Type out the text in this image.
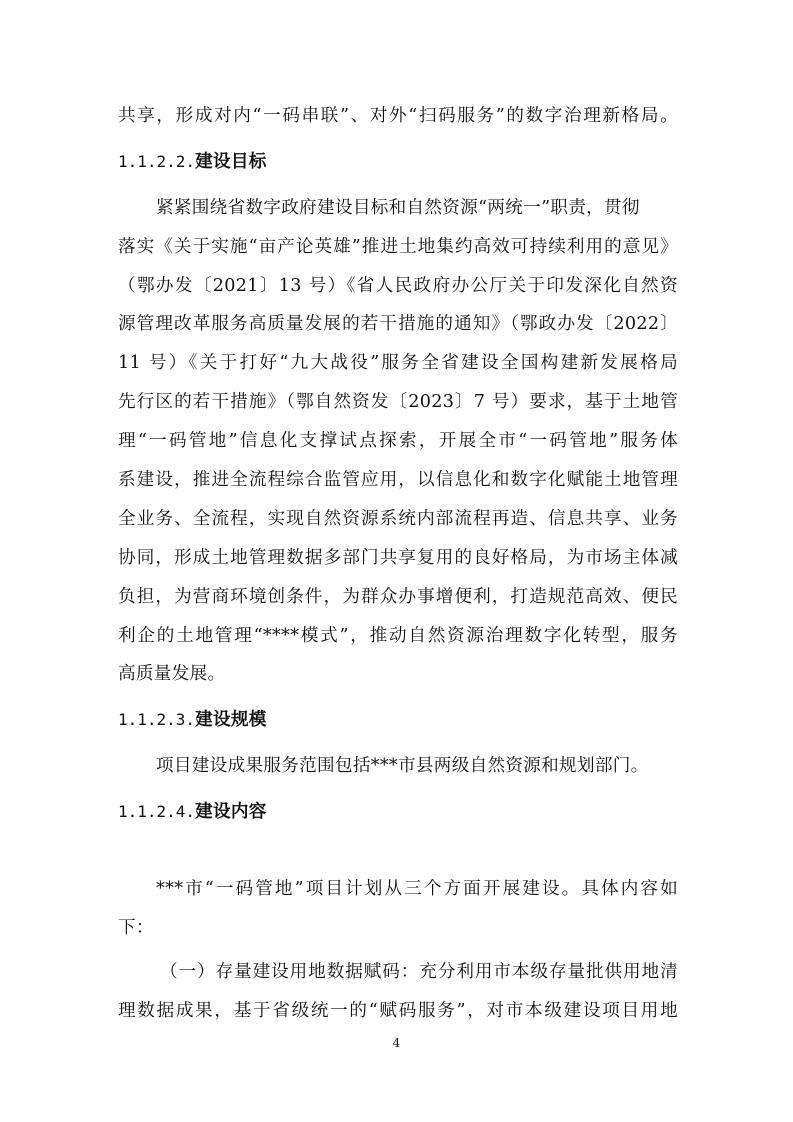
共享，形成对内“一码串联”、对外“扫码服务”的数字治理新格局。
1.1.2.2.建设目标
紧紧围绕省数字政府建设目标和自然资源“两统一”职责，贯彻
落实《关于实施“亩产论英雄”推进土地集约高效可持续利用的意见》
（鄂办发〔2021〕13 号）《省人民政府办公厅关于印发深化自然资
源管理改革服务高质量发展的若干措施的通知》（鄂政办发〔2022〕
11 号）《关于打好“九大战役”服务全省建设全国构建新发展格局
先行区的若干措施》（鄂自然资发〔2023〕7 号）要求，基于土地管
理“一码管地”信息化支撑试点探索，开展全市“一码管地”服务体
系建设，推进全流程综合监管应用，以信息化和数字化赋能土地管理
全业务、全流程，实现自然资源系统内部流程再造、信息共享、业务
协同，形成土地管理数据多部门共享复用的良好格局，为市场主体减
负担，为营商环境创条件，为群众办事增便利，打造规范高效、便民
利企的土地管理“****模式”，推动自然资源治理数字化转型，服务
高质量发展。
1.1.2.3.建设规模
项目建设成果服务范围包括***市县两级自然资源和规划部门。
1.1.2.4.建设内容
***市“一码管地”项目计划从三个方面开展建设。具体内容如
下：
（一）存量建设用地数据赋码：充分利用市本级存量批供用地清
理数据成果，基于省级统一的“赋码服务”，对市本级建设项目用地
4
